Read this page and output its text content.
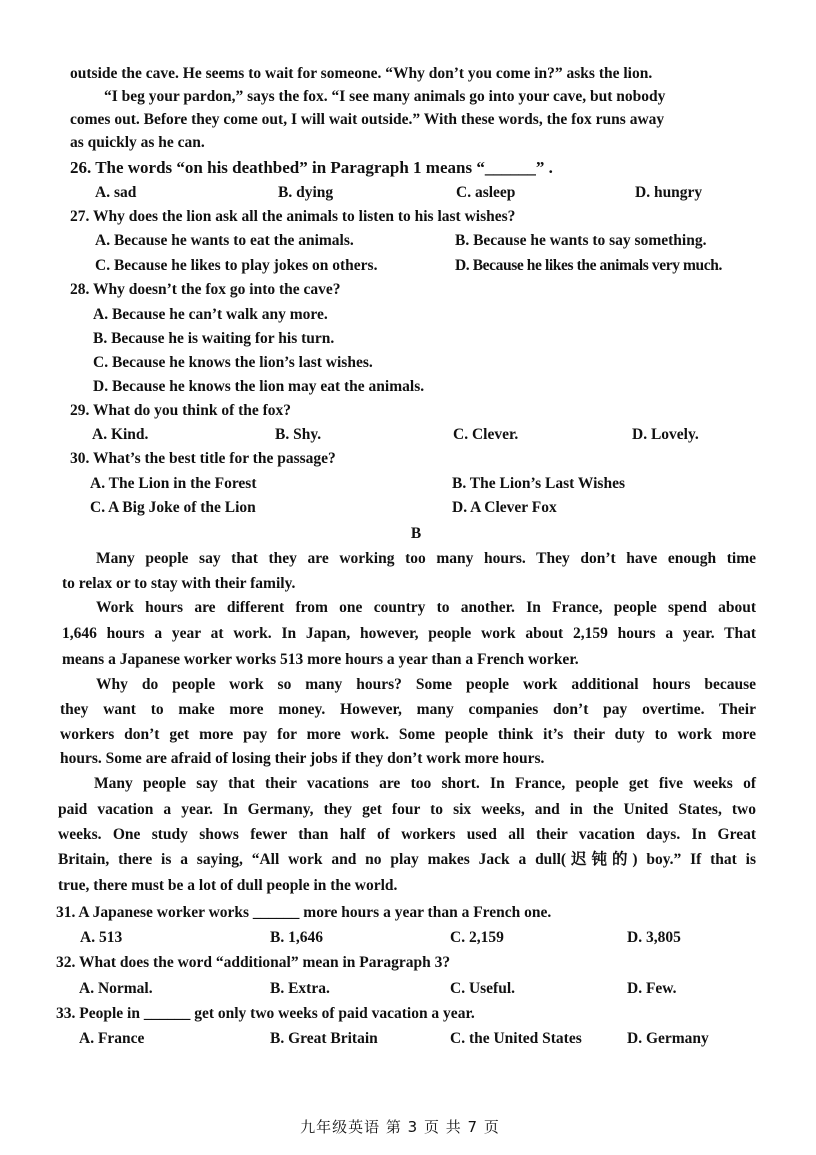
outside the cave. He seems to wait for someone. “Why don’t you come in?” asks the lion.
“I beg your pardon,” says the fox. “I see many animals go into your cave, but nobody
comes out. Before they come out, I will wait outside.” With these words, the fox runs away
as quickly as he can.
26. The words “on his deathbed” in Paragraph 1 means “______” .
A. sad	B. dying	C. asleep	D. hungry
27. Why does the lion ask all the animals to listen to his last wishes?
A. Because he wants to eat the animals.	B. Because he wants to say something.
C. Because he likes to play jokes on others.	D. Because he likes the animals very much.
28. Why doesn’t the fox go into the cave?
A. Because he can’t walk any more.
B. Because he is waiting for his turn.
C. Because he knows the lion’s last wishes.
D. Because he knows the lion may eat the animals.
29. What do you think of the fox?
A. Kind.	B. Shy.	C. Clever.	D. Lovely.
30. What’s the best title for the passage?
A. The Lion in the Forest	B. The Lion’s Last Wishes
C. A Big Joke of the Lion	D. A Clever Fox
B
Many people say that they are working too many hours. They don’t have enough time
to relax or to stay with their family.
Work hours are different from one country to another. In France, people spend about
1,646 hours a year at work. In Japan, however, people work about 2,159 hours a year. That
means a Japanese worker works 513 more hours a year than a French worker.
Why do people work so many hours? Some people work additional hours because
they want to make more money. However, many companies don’t pay overtime. Their
workers don’t get more pay for more work. Some people think it’s their duty to work more
hours. Some are afraid of losing their jobs if they don’t work more hours.
Many people say that their vacations are too short. In France, people get five weeks of
paid vacation a year. In Germany, they get four to six weeks, and in the United States, two
weeks. One study shows fewer than half of workers used all their vacation days. In Great
Britain, there is a saying, “All work and no play makes Jack a dull(迟钝的) boy.” If that is
true, there must be a lot of dull people in the world.
31. A Japanese worker works ______ more hours a year than a French one.
A. 513	B. 1,646	C. 2,159	D. 3,805
32. What does the word “additional” mean in Paragraph 3?
A. Normal.	B. Extra.	C. Useful.	D. Few.
33. People in ______ get only two weeks of paid vacation a year.
A. France	B. Great Britain	C. the United States	D. Germany
九年级英语 第 3 页 共 7 页
